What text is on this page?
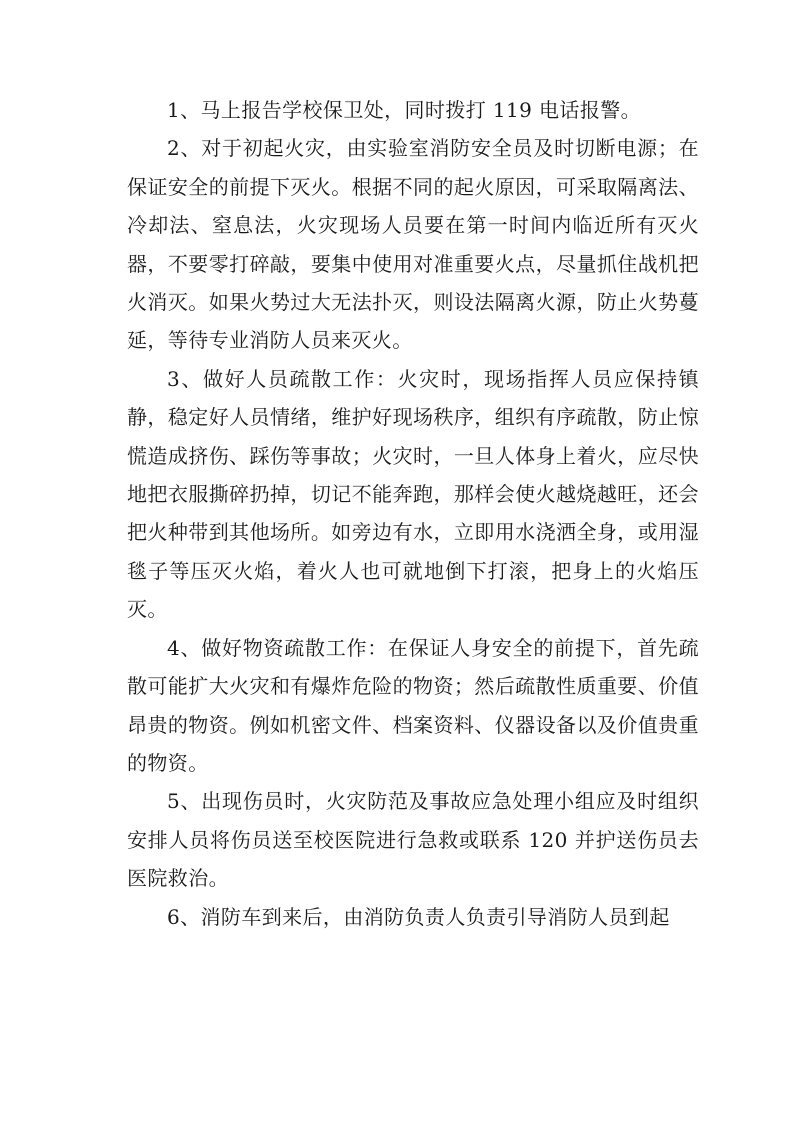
1、马上报告学校保卫处，同时拨打 119 电话报警。

2、对于初起火灾，由实验室消防安全员及时切断电源；在保证安全的前提下灭火。根据不同的起火原因，可采取隔离法、冷却法、窒息法，火灾现场人员要在第一时间内临近所有灭火器，不要零打碎敲，要集中使用对准重要火点，尽量抓住战机把火消灭。如果火势过大无法扑灭，则设法隔离火源，防止火势蔓延，等待专业消防人员来灭火。

3、做好人员疏散工作：火灾时，现场指挥人员应保持镇静，稳定好人员情绪，维护好现场秩序，组织有序疏散，防止惊慌造成挤伤、踩伤等事故；火灾时，一旦人体身上着火，应尽快地把衣服撕碎扔掉，切记不能奔跑，那样会使火越烧越旺，还会把火种带到其他场所。如旁边有水，立即用水浇洒全身，或用湿毯子等压灭火焰，着火人也可就地倒下打滚，把身上的火焰压灭。

4、做好物资疏散工作：在保证人身安全的前提下，首先疏散可能扩大火灾和有爆炸危险的物资；然后疏散性质重要、价值昂贵的物资。例如机密文件、档案资料、仪器设备以及价值贵重的物资。

5、出现伤员时，火灾防范及事故应急处理小组应及时组织安排人员将伤员送至校医院进行急救或联系 120 并护送伤员去医院救治。

6、消防车到来后，由消防负责人负责引导消防人员到起
